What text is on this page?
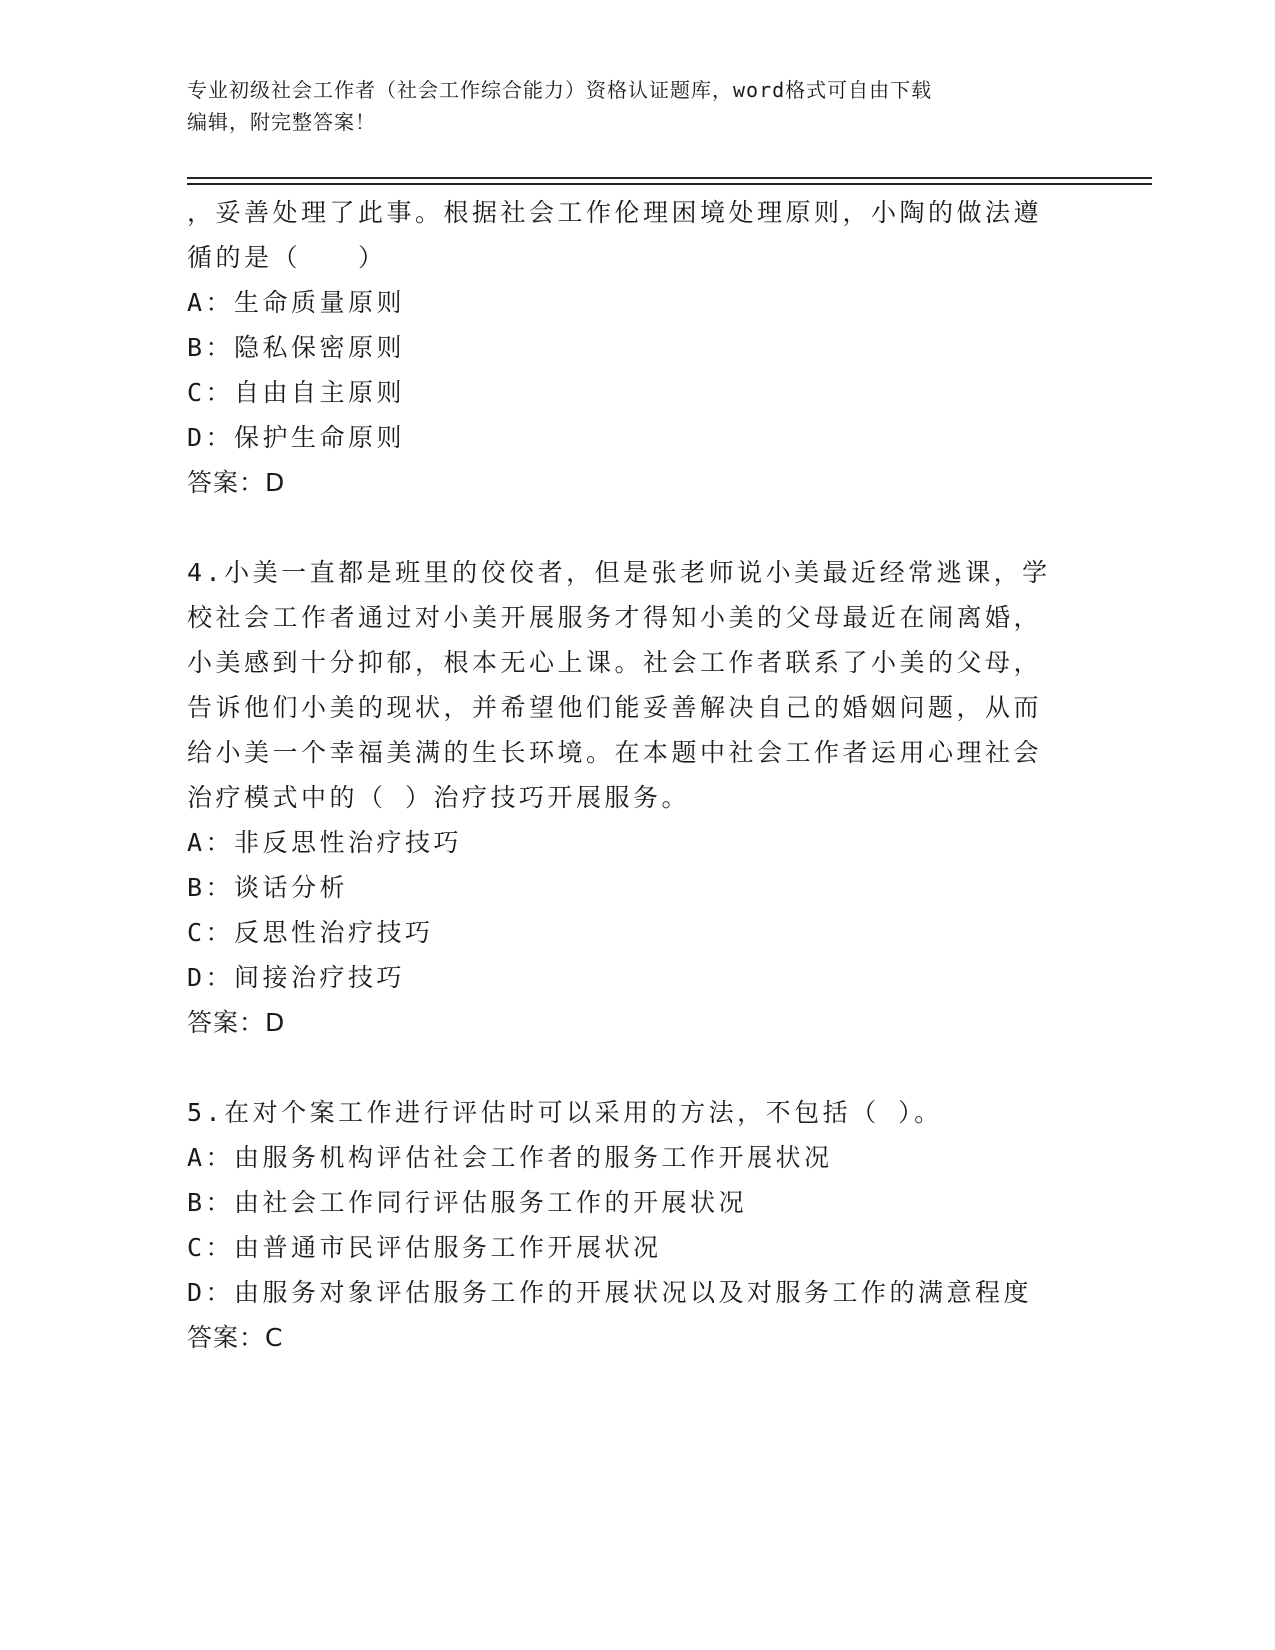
专业初级社会工作者（社会工作综合能力）资格认证题库，word格式可自由下载
编辑，附完整答案！
，妥善处理了此事。根据社会工作伦理困境处理原则，小陶的做法遵
循的是（　　）
A：生命质量原则
B：隐私保密原则
C：自由自主原则
D：保护生命原则
答案：D
4.小美一直都是班里的佼佼者，但是张老师说小美最近经常逃课，学
校社会工作者通过对小美开展服务才得知小美的父母最近在闹离婚，
小美感到十分抑郁，根本无心上课。社会工作者联系了小美的父母，
告诉他们小美的现状，并希望他们能妥善解决自己的婚姻问题，从而
给小美一个幸福美满的生长环境。在本题中社会工作者运用心理社会
治疗模式中的（ ）治疗技巧开展服务。
A：非反思性治疗技巧
B：谈话分析
C：反思性治疗技巧
D：间接治疗技巧
答案：D
5.在对个案工作进行评估时可以采用的方法，不包括（ ）。
A：由服务机构评估社会工作者的服务工作开展状况
B：由社会工作同行评估服务工作的开展状况
C：由普通市民评估服务工作开展状况
D：由服务对象评估服务工作的开展状况以及对服务工作的满意程度
答案：C
